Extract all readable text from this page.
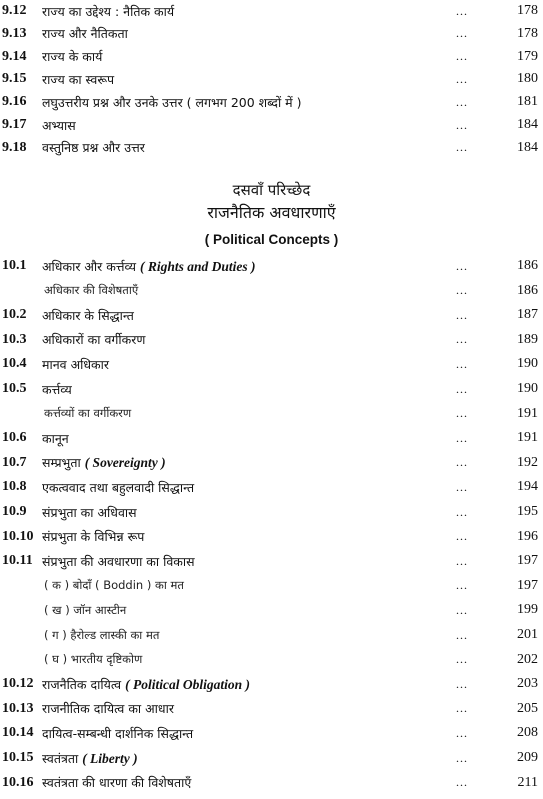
9.12	राज्य का उद्देश्य : नैतिक कार्य	...	178
9.13	राज्य और नैतिकता	...	178
9.14	राज्य के कार्य	...	179
9.15	राज्य का स्वरूप	...	180
9.16	लघुउत्तरीय प्रश्न और उनके उत्तर ( लगभग 200 शब्दों में )	...	181
9.17	अभ्यास	...	184
9.18	वस्तुनिष्ठ प्रश्न और उत्तर	...	184
दसवाँ परिच्छेद
राजनैतिक अवधारणाएँ
( Political Concepts )
10.1	अधिकार और कर्त्तव्य ( Rights and Duties )	...	186
अधिकार की विशेषताएँ	...	186
10.2	अधिकार के सिद्धान्त	...	187
10.3	अधिकारों का वर्गीकरण	...	189
10.4	मानव अधिकार	...	190
10.5	कर्त्तव्य	...	190
कर्त्तव्यों का वर्गीकरण	...	191
10.6	कानून	...	191
10.7	सम्प्रभुता ( Sovereignty )	...	192
10.8	एकत्ववाद तथा बहुलवादी सिद्धान्त	...	194
10.9	संप्रभुता का अधिवास	...	195
10.10 संप्रभुता के विभिन्न रूप	...	196
10.11 संप्रभुता की अवधारणा का विकास	...	197
( क ) बोदाँ ( Boddin ) का मत	...	197
( ख ) जॉन आस्टीन	...	199
( ग ) हैरोल्ड लास्की का मत	...	201
( घ ) भारतीय दृष्टिकोण	...	202
10.12 राजनैतिक दायित्व ( Political Obligation )	...	203
10.13 राजनीतिक दायित्व का आधार	...	205
10.14 दायित्व-सम्बन्धी दार्शनिक सिद्धान्त	...	208
10.15 स्वतंत्रता ( Liberty )	...	209
10.16 स्वतंत्रता की धारणा की विशेषताएँ	...	211
